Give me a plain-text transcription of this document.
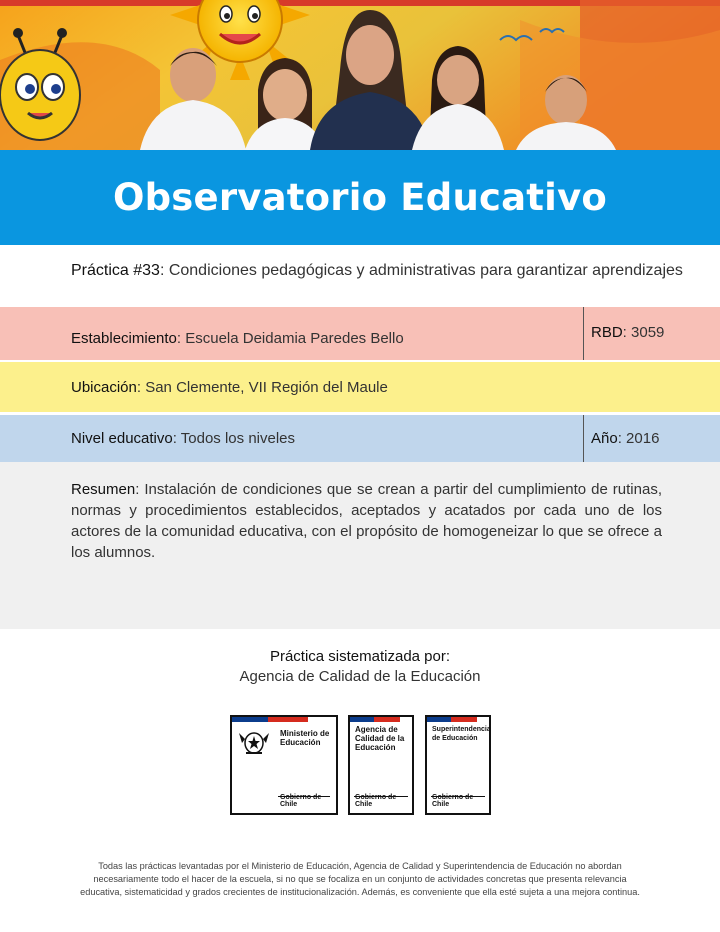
Observatorio Educativo
Práctica #33: Condiciones pedagógicas y administrativas para garantizar aprendizajes
Establecimiento: Escuela Deidamia Paredes Bello	RBD: 3059
Ubicación: San Clemente, VII Región del Maule
Nivel educativo: Todos los niveles	Año: 2016

Resumen: Instalación de condiciones que se crean a partir del cumplimiento de rutinas, normas y procedimientos establecidos, aceptados y acatados por cada uno de los actores de la comunidad educativa, con el propósito de homogeneizar lo que se ofrece a los alumnos.

Práctica sistematizada por:
Agencia de Calidad de la Educación
Ministerio de
Educación
Gobierno de Chile
Agencia de
Calidad de la
Educación
Gobierno de Chile
Superintendencia
de Educación
Gobierno de Chile
Todas las prácticas levantadas por el Ministerio de Educación, Agencia de Calidad y Superintendencia de Educación no abordan
necesariamente todo el hacer de la escuela, si no que se focaliza en un conjunto de actividades concretas que presenta relevancia
educativa, sistematicidad y grados crecientes de institucionalización. Además, es conveniente que ella esté sujeta a una mejora continua.
